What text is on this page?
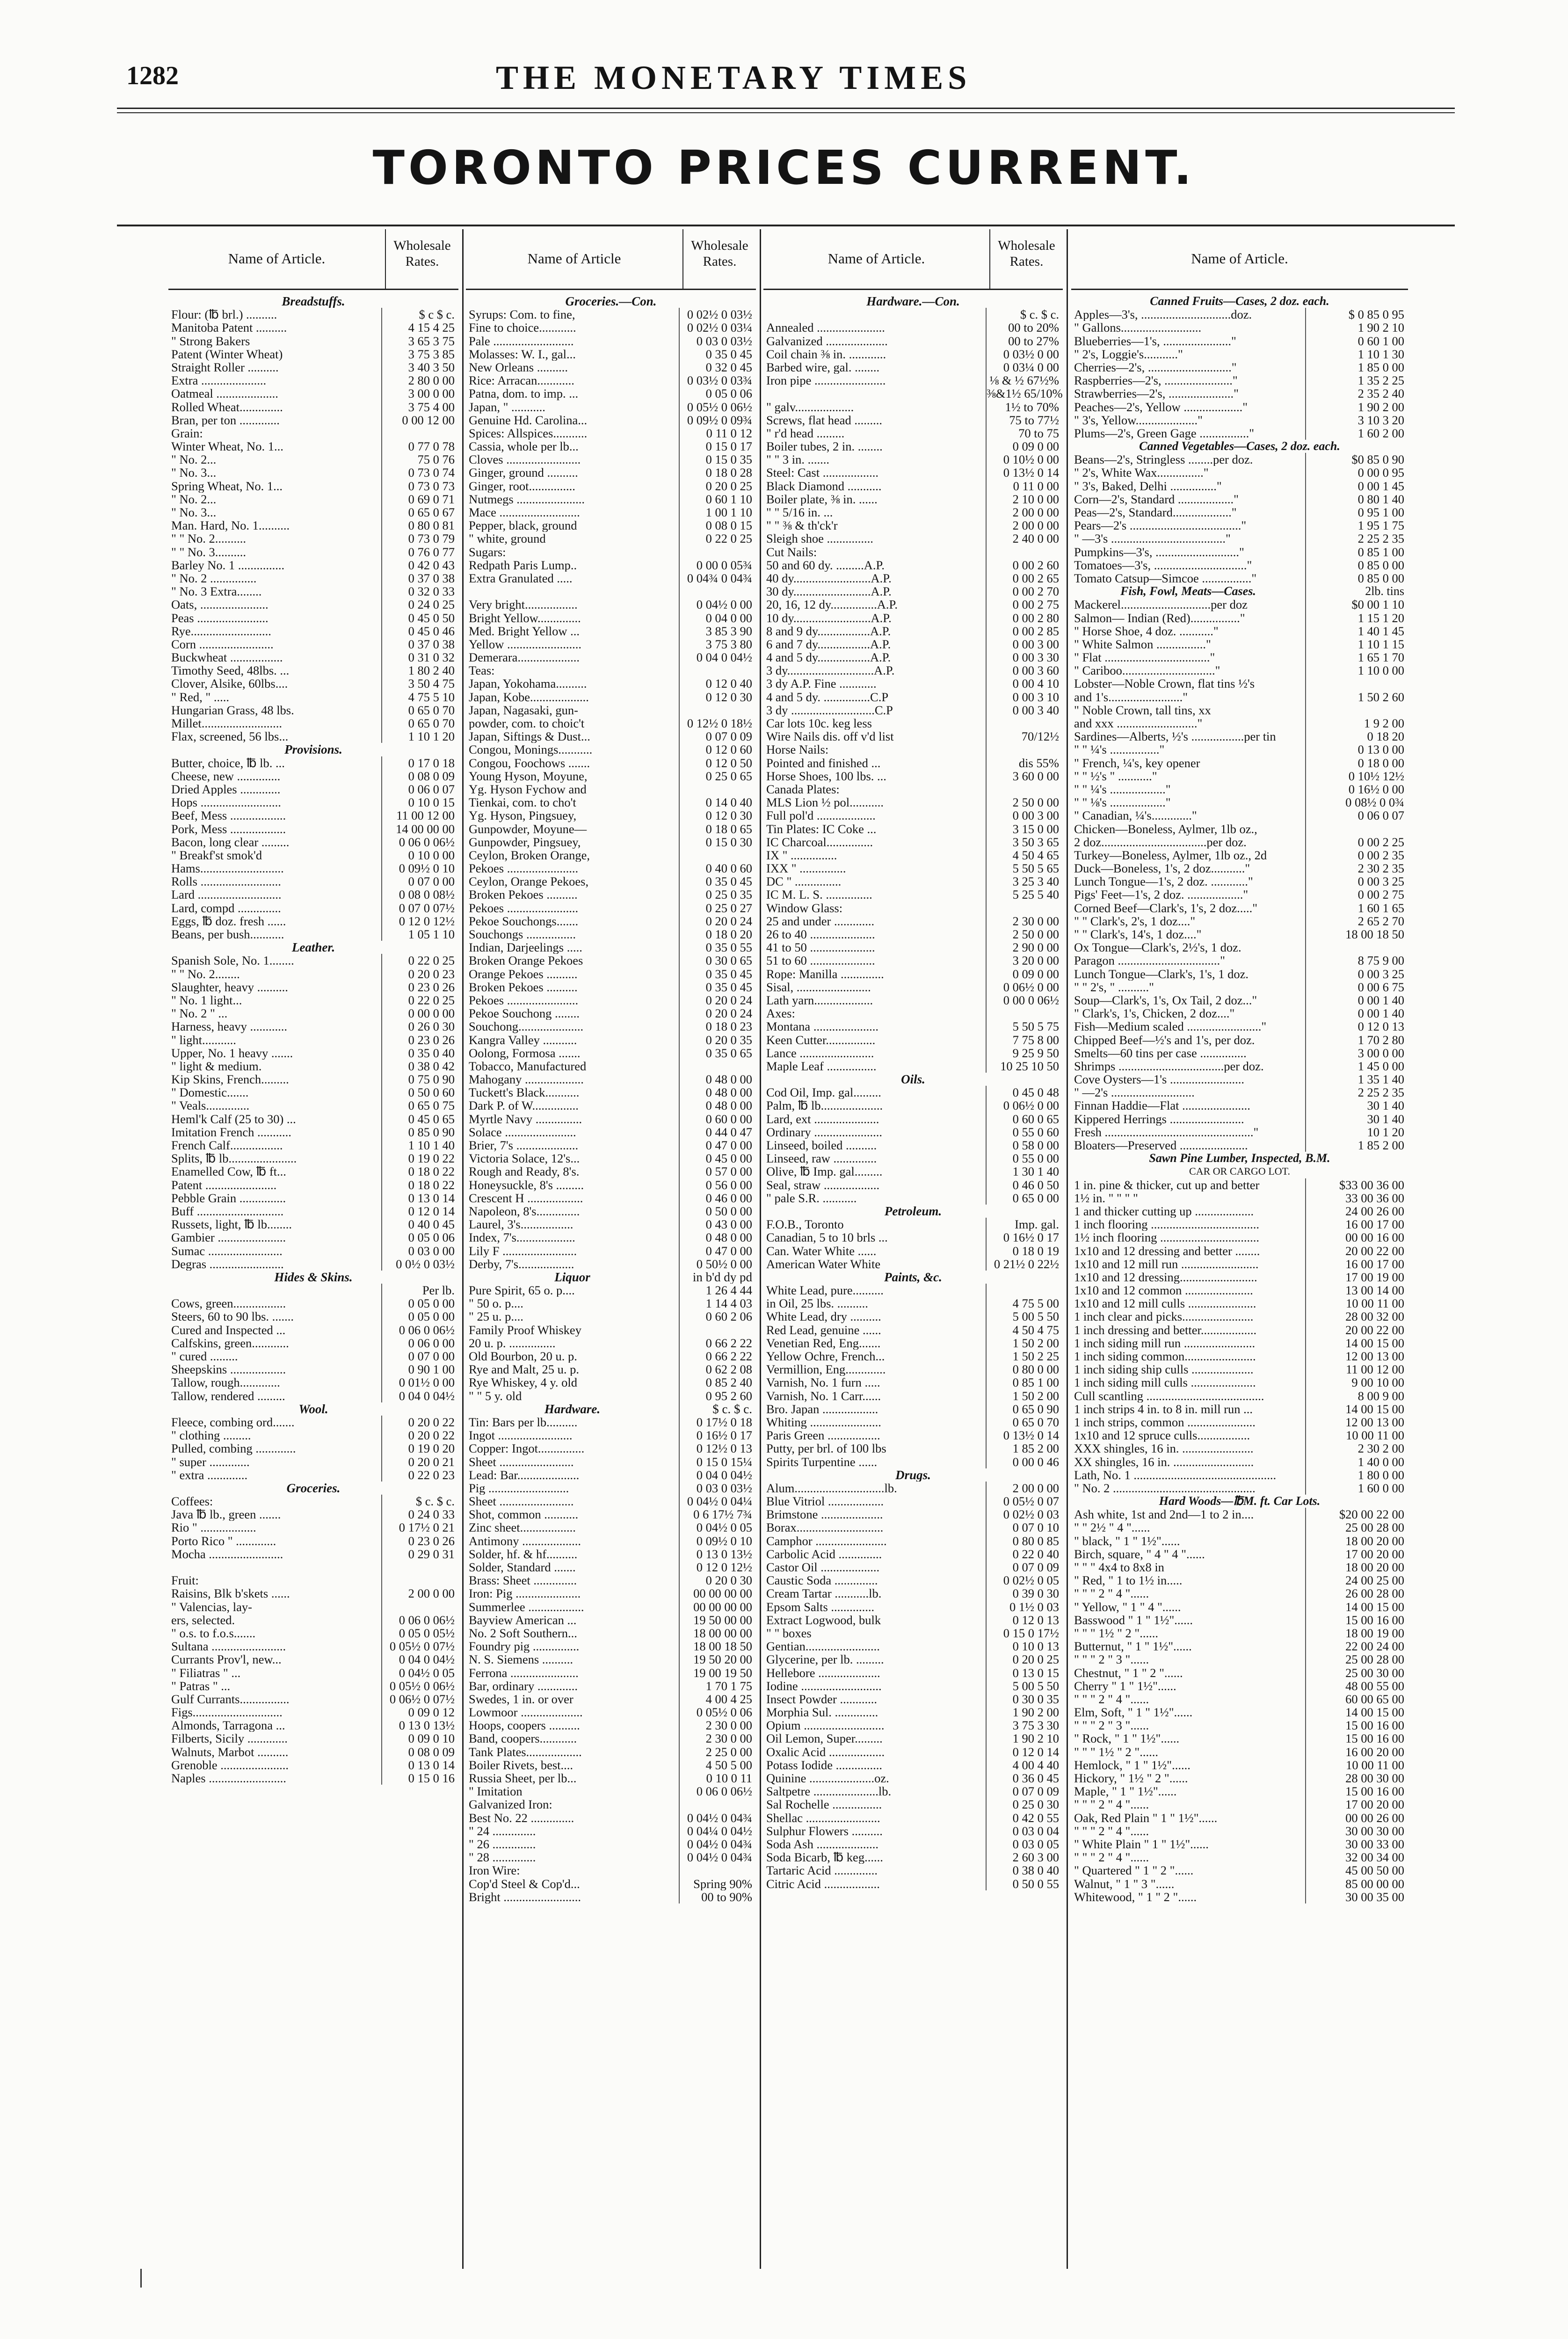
1282	THE MONETARY TIMES
TORONTO PRICES CURRENT.
Name of Article.
Wholesale Rates.
Breadstuffs.
Flour: (℔ brl.) ..........	$ c $ c.
Manitoba Patent ..........	4 15 4 25
" Strong Bakers	3 65 3 75
Patent (Winter Wheat)	3 75 3 85
Straight Roller ..........	3 40 3 50
Extra .....................	2 80 0 00
Oatmeal ....................	3 00 0 00
Rolled Wheat..............	3 75 4 00
Bran, per ton .............	0 00 12 00
Grain:
Winter Wheat, No. 1...	0 77 0 78
" No. 2...	75 0 76
" No. 3...	0 73 0 74
Spring Wheat, No. 1...	0 73 0 73
" No. 2...	0 69 0 71
" No. 3...	0 65 0 67
Man. Hard, No. 1..........	0 80 0 81
" " No. 2..........	0 73 0 79
" " No. 3..........	0 76 0 77
Barley No. 1 ...............	0 42 0 43
" No. 2 ...............	0 37 0 38
" No. 3 Extra........	0 32 0 33
Oats, ......................	0 24 0 25
Peas .......................	0 45 0 50
Rye..........................	0 45 0 46
Corn ........................	0 37 0 38
Buckwheat .................	0 31 0 32
Timothy Seed, 48lbs. ...	1 80 2 40
Clover, Alsike, 60lbs....	3 50 4 75
" Red, " .....	4 75 5 10
Hungarian Grass, 48 lbs.	0 65 0 70
Millet..........................	0 65 0 70
Flax, screened, 56 lbs...	1 10 1 20
Provisions.
Butter, choice, ℔ lb. ...	0 17 0 18
Cheese, new ..............	0 08 0 09
Dried Apples .............	0 06 0 07
Hops ..........................	0 10 0 15
Beef, Mess ..................	11 00 12 00
Pork, Mess ..................	14 00 00 00
Bacon, long clear .........	0 06 0 06½
" Breakf'st smok'd	0 10 0 00
Hams...........................	0 09½ 0 10
Rolls ..........................	0 07 0 00
Lard ...........................	0 08 0 08½
Lard, compd ..............	0 07 0 07½
Eggs, ℔ doz. fresh ......	0 12 0 12½
Beans, per bush...........	1 05 1 10
Leather.
Spanish Sole, No. 1........	0 22 0 25
" " No. 2........	0 20 0 23
Slaughter, heavy ..........	0 23 0 26
" No. 1 light...	0 22 0 25
" No. 2 " ...	0 00 0 00
Harness, heavy ............	0 26 0 30
" light...........	0 23 0 26
Upper, No. 1 heavy .......	0 35 0 40
" light & medium.	0 38 0 42
Kip Skins, French.........	0 75 0 90
" Domestic.......	0 50 0 60
" Veals..............	0 65 0 75
Heml'k Calf (25 to 30) ...	0 45 0 65
Imitation French ...........	0 85 0 90
French Calf.................	1 10 1 40
Splits, ℔ lb......................	0 19 0 22
Enamelled Cow, ℔ ft...	0 18 0 22
Patent .......................	0 18 0 22
Pebble Grain ...............	0 13 0 14
Buff ............................	0 12 0 14
Russets, light, ℔ lb........	0 40 0 45
Gambier ......................	0 05 0 06
Sumac ........................	0 03 0 00
Degras ........................	0 0½ 0 03½
Hides & Skins.
Per lb.
Cows, green.................	0 05 0 00
Steers, 60 to 90 lbs. .......	0 05 0 00
Cured and Inspected ...	0 06 0 06½
Calfskins, green............	0 06 0 00
" cured .........	0 07 0 00
Sheepskins ..................	0 90 1 00
Tallow, rough.............	0 01½ 0 00
Tallow, rendered .........	0 04 0 04½
Wool.
Fleece, combing ord.......	0 20 0 22
" clothing .........	0 20 0 22
Pulled, combing .............	0 19 0 20
" super .............	0 20 0 21
" extra .............	0 22 0 23
Groceries.
Coffees:	$ c. $ c.
Java ℔ lb., green .......	0 24 0 33
Rio " ..................	0 17½ 0 21
Porto Rico " .............	0 23 0 26
Mocha ........................	0 29 0 31
Fruit:
Raisins, Blk b'skets ......	2 00 0 00
" Valencias, lay-
ers, selected.	0 06 0 06½
" o.s. to f.o.s.......	0 05 0 05½
Sultana ........................	0 05½ 0 07½
Currants Prov'l, new...	0 04 0 04½
" Filiatras " ...	0 04½ 0 05
" Patras " ...	0 05½ 0 06½
Gulf Currants................	0 06½ 0 07½
Figs.............................	0 09 0 12
Almonds, Tarragona ...	0 13 0 13½
Filberts, Sicily .............	0 09 0 10
Walnuts, Marbot ..........	0 08 0 09
Grenoble ......................	0 13 0 14
Naples .........................	0 15 0 16
Name of Article
Wholesale Rates.
Groceries.—Con.
Syrups: Com. to fine,	0 02½ 0 03½
Fine to choice............	0 02½ 0 03¼
Pale ..........................	0 03 0 03½
Molasses: W. I., gal...	0 35 0 45
New Orleans ..........	0 32 0 45
Rice: Arracan............	0 03½ 0 03¾
Patna, dom. to imp. ...	0 05 0 06
Japan, " ...........	0 05½ 0 06½
Genuine Hd. Carolina...	0 09½ 0 09¾
Spices: Allspices...........	0 11 0 12
Cassia, whole per lb...	0 15 0 17
Cloves ........................	0 15 0 35
Ginger, ground ..........	0 18 0 28
Ginger, root...............	0 20 0 25
Nutmegs ......................	0 60 1 10
Mace ..........................	1 00 1 10
Pepper, black, ground	0 08 0 15
" white, ground	0 22 0 25
Sugars:
Redpath Paris Lump..	0 00 0 05¾
Extra Granulated .....	0 04¾ 0 04¾
Very bright.................	0 04½ 0 00
Bright Yellow..............	0 04 0 00
Med. Bright Yellow ...	3 85 3 90
Yellow ........................	3 75 3 80
Demerara....................	0 04 0 04½
Teas:
Japan, Yokohama..........	0 12 0 40
Japan, Kobe...................	0 12 0 30
Japan, Nagasaki, gun-
powder, com. to choic't	0 12½ 0 18½
Japan, Siftings & Dust...	0 07 0 09
Congou, Monings...........	0 12 0 60
Congou, Foochows .......	0 12 0 50
Young Hyson, Moyune,	0 25 0 65
Yg. Hyson Fychow and
Tienkai, com. to cho't	0 14 0 40
Yg. Hyson, Pingsuey,	0 12 0 30
Gunpowder, Moyune—	0 18 0 65
Gunpowder, Pingsuey,	0 15 0 30
Ceylon, Broken Orange,
Pekoes .......................	0 40 0 60
Ceylon, Orange Pekoes,	0 35 0 45
Broken Pekoes ..........	0 25 0 35
Pekoes .......................	0 25 0 27
Pekoe Souchongs.......	0 20 0 24
Souchongs ................	0 18 0 20
Indian, Darjeelings .....	0 35 0 55
Broken Orange Pekoes	0 30 0 65
Orange Pekoes ..........	0 35 0 45
Broken Pekoes ..........	0 35 0 45
Pekoes .......................	0 20 0 24
Pekoe Souchong ........	0 20 0 24
Souchong.....................	0 18 0 23
Kangra Valley ...........	0 20 0 35
Oolong, Formosa .......	0 35 0 65
Tobacco, Manufactured
Mahogany ...................	0 48 0 00
Tuckett's Black...........	0 48 0 00
Dark P. of W...............	0 48 0 00
Myrtle Navy ...............	0 60 0 00
Solace .......................	0 44 0 47
Brier, 7's ....................	0 47 0 00
Victoria Solace, 12's...	0 45 0 00
Rough and Ready, 8's.	0 57 0 00
Honeysuckle, 8's .........	0 56 0 00
Crescent H ..................	0 46 0 00
Napoleon, 8's..............	0 50 0 00
Laurel, 3's.................	0 43 0 00
Index, 7's...................	0 48 0 00
Lily F ........................	0 47 0 00
Derby, 7's..................	0 50½ 0 00
Liquor	in b'd dy pd
Pure Spirit, 65 o. p....	1 26 4 44
" 50 o. p....	1 14 4 03
" 25 u. p....	0 60 2 06
Family Proof Whiskey
20 u. p. ...............	0 66 2 22
Old Bourbon, 20 u. p.	0 66 2 22
Rye and Malt, 25 u. p.	0 62 2 08
Rye Whiskey, 4 y. old	0 85 2 40
" " 5 y. old	0 95 2 60
Hardware.	$ c. $ c.
Tin: Bars per lb..........	0 17½ 0 18
Ingot ........................	0 16½ 0 17
Copper: Ingot...............	0 12½ 0 13
Sheet ........................	0 15 0 15¼
Lead: Bar....................	0 04 0 04½
Pig ..........................	0 03 0 03½
Sheet ........................	0 04½ 0 04¼
Shot, common ...........	0 6 17½ 7¾
Zinc sheet..................	0 04½ 0 05
Antimony ...................	0 09½ 0 10
Solder, hf. & hf..........	0 13 0 13½
Solder, Standard .......	0 12 0 12½
Brass: Sheet ..............	0 20 0 30
Iron: Pig .....................	00 00 00 00
Summerlee ..................	00 00 00 00
Bayview American ...	19 50 00 00
No. 2 Soft Southern...	18 00 00 00
Foundry pig ...............	18 00 18 50
N. S. Siemens ..........	19 50 20 00
Ferrona ......................	19 00 19 50
Bar, ordinary .............	1 70 1 75
Swedes, 1 in. or over	4 00 4 25
Lowmoor ....................	0 05½ 0 06
Hoops, coopers ..........	2 30 0 00
Band, coopers............	2 30 0 00
Tank Plates..................	2 25 0 00
Boiler Rivets, best....	4 50 5 00
Russia Sheet, per lb...	0 10 0 11
" Imitation	0 06 0 06½
Galvanized Iron:
Best No. 22 ..............	0 04½ 0 04¾
" 24 ..............	0 04¼ 0 04½
" 26 ..............	0 04½ 0 04¾
" 28 ..............	0 04½ 0 04¾
Iron Wire:
Cop'd Steel & Cop'd...	Spring 90%
Bright .........................	00 to 90%
Name of Article.
Wholesale Rates.
Hardware.—Con.
$ c. $ c.
Annealed ......................	00 to 20%
Galvanized ....................	00 to 27%
Coil chain ⅜ in. ............	0 03½ 0 00
Barbed wire, gal. ........	0 03¼ 0 00
Iron pipe .......................	⅛ & ½ 67½%
⅜&1½ 65/10%
" galv...................	1½ to 70%
Screws, flat head .........	75 to 77½
" r'd head .........	70 to 75
Boiler tubes, 2 in. ........	0 09 0 00
" " 3 in. .......	0 10½ 0 00
Steel: Cast ..................	0 13½ 0 14
Black Diamond ...........	0 11 0 00
Boiler plate, ⅜ in. ......	2 10 0 00
" " 5/16 in. ...	2 00 0 00
" " ⅜ & th'ck'r	2 00 0 00
Sleigh shoe ...............	2 40 0 00
Cut Nails:
50 and 60 dy. .........A.P.	0 00 2 60
40 dy.........................A.P.	0 00 2 65
30 dy.........................A.P.	0 00 2 70
20, 16, 12 dy...............A.P.	0 00 2 75
10 dy.........................A.P.	0 00 2 80
8 and 9 dy.................A.P.	0 00 2 85
6 and 7 dy.................A.P.	0 00 3 00
4 and 5 dy.................A.P.	0 00 3 30
3 dy............................A.P.	0 00 3 60
3 dy A.P. Fine ............	0 00 4 10
4 and 5 dy. ...............C.P	0 00 3 10
3 dy ...........................C.P	0 00 3 40
Car lots 10c. keg less
Wire Nails dis. off v'd list	70/12½
Horse Nails:
Pointed and finished ...	dis 55%
Horse Shoes, 100 lbs. ...	3 60 0 00
Canada Plates:
MLS Lion ½ pol...........	2 50 0 00
Full pol'd ...................	0 00 3 00
Tin Plates: IC Coke ...	3 15 0 00
IC Charcoal...............	3 50 3 65
IX " ...............	4 50 4 65
IXX " ...............	5 50 5 65
DC " ...............	3 25 3 40
IC M. L. S. ...............	5 25 5 40
Window Glass:
25 and under .............	2 30 0 00
26 to 40 .....................	2 50 0 00
41 to 50 .....................	2 90 0 00
51 to 60 .....................	3 20 0 00
Rope: Manilla ..............	0 09 0 00
Sisal, ........................	0 06½ 0 00
Lath yarn...................	0 00 0 06½
Axes:
Montana .....................	5 50 5 75
Keen Cutter................	7 75 8 00
Lance ........................	9 25 9 50
Maple Leaf ................	10 25 10 50
Oils.
Cod Oil, Imp. gal.........	0 45 0 48
Palm, ℔ lb....................	0 06½ 0 00
Lard, ext .....................	0 60 0 65
Ordinary ......................	0 55 0 60
Linseed, boiled ..........	0 58 0 00
Linseed, raw ..............	0 55 0 00
Olive, ℔ Imp. gal.........	1 30 1 40
Seal, straw ..................	0 46 0 50
" pale S.R. ...........	0 65 0 00
Petroleum.
F.O.B., Toronto	Imp. gal.
Canadian, 5 to 10 brls ...	0 16½ 0 17
Can. Water White ......	0 18 0 19
American Water White	0 21½ 0 22½
Paints, &c.
White Lead, pure..........
in Oil, 25 lbs. ..........	4 75 5 00
White Lead, dry ..........	5 00 5 50
Red Lead, genuine ......	4 50 4 75
Venetian Red, Eng.......	1 50 2 00
Yellow Ochre, French...	1 50 2 25
Vermillion, Eng.............	0 80 0 00
Varnish, No. 1 furn .....	0 85 1 00
Varnish, No. 1 Carr......	1 50 2 00
Bro. Japan ..................	0 65 0 90
Whiting .......................	0 65 0 70
Paris Green .................	0 13½ 0 14
Putty, per brl. of 100 lbs	1 85 2 00
Spirits Turpentine ......	0 00 0 46
Drugs.
Alum.............................lb.	2 00 0 00
Blue Vitriol ..................	0 05½ 0 07
Brimstone ....................	0 02½ 0 03
Borax............................	0 07 0 10
Camphor .......................	0 80 0 85
Carbolic Acid ..............	0 22 0 40
Castor Oil ...................	0 07 0 09
Caustic Soda ..............	0 02½ 0 05
Cream Tartar ...........lb.	0 39 0 30
Epsom Salts ..............	0 1½ 0 03
Extract Logwood, bulk	0 12 0 13
" " boxes	0 15 0 17½
Gentian........................	0 10 0 13
Glycerine, per lb. .........	0 20 0 25
Hellebore ....................	0 13 0 15
Iodine ..........................	5 00 5 50
Insect Powder ............	0 30 0 35
Morphia Sul. ..............	1 90 2 00
Opium ..........................	3 75 3 30
Oil Lemon, Super.........	1 90 2 10
Oxalic Acid ..................	0 12 0 14
Potass Iodide ...............	4 00 4 40
Quinine .....................oz.	0 36 0 45
Saltpetre .....................lb.	0 07 0 09
Sal Rochelle ................	0 25 0 30
Shellac ........................	0 42 0 55
Sulphur Flowers ..........	0 03 0 04
Soda Ash ....................	0 03 0 05
Soda Bicarb, ℔ keg......	2 60 3 00
Tartaric Acid ..............	0 38 0 40
Citric Acid ..................	0 50 0 55
Name of Article.
Canned Fruits—Cases, 2 doz. each.
Apples—3's, .............................doz.	$ 0 85 0 95
" Gallons..........................	1 90 2 10
Blueberries—1's, ......................"	0 60 1 00
" 2's, Loggie's..........."	1 10 1 30
Cherries—2's, ..........................."	1 85 0 00
Raspberries—2's, ......................"	1 35 2 25
Strawberries—2's, ....................."	2 35 2 40
Peaches—2's, Yellow ..................."	1 90 2 00
" 3's, Yellow...................."	3 10 3 20
Plums—2's, Green Gage ................"	1 60 2 00
Canned Vegetables—Cases, 2 doz. each.
Beans—2's, Stringless ........per doz.	$0 85 0 90
" 2's, White Wax..............."	0 00 0 95
" 3's, Baked, Delhi ..............."	0 00 1 45
Corn—2's, Standard .................."	0 80 1 40
Peas—2's, Standard..................."	0 95 1 00
Pears—2's ...................................."	1 95 1 75
" —3's ....................................."	2 25 2 35
Pumpkins—3's, ..........................."	0 85 1 00
Tomatoes—3's, .............................."	0 85 0 00
Tomato Catsup—Simcoe ................"	0 85 0 00
Fish, Fowl, Meats—Cases.	2lb. tins
Mackerel.............................per doz	$0 00 1 10
Salmon— Indian (Red)................"	1 15 1 20
" Horse Shoe, 4 doz. ..........."	1 40 1 45
" White Salmon ................"	1 10 1 15
" Flat .................................."	1 65 1 70
" Cariboo.............................."	1 10 0 00
Lobster—Noble Crown, flat tins ½'s
and 1's........................"	1 50 2 60
" Noble Crown, tall tins, xx
and xxx .........................."	1 9 2 00
Sardines—Alberts, ½'s .................per tin	0 18 20
" " ¼'s ................"	0 13 0 00
" French, ¼'s, key opener	0 18 0 00
" " ½'s " ..........."	0 10½ 12½
" " ¼'s .................."	0 16½ 0 00
" " ⅛'s .................."	0 08½ 0 0¾
" Canadian, ¼'s............."	0 06 0 07
Chicken—Boneless, Aylmer, 1lb oz.,
2 doz..................................per doz.	0 00 2 25
Turkey—Boneless, Aylmer, 1lb oz., 2d	0 00 2 35
Duck—Boneless, 1's, 2 doz..........."	2 30 2 35
Lunch Tongue—1's, 2 doz. ............"	0 00 3 25
Pigs' Feet—1's, 2 doz. .................."	0 00 2 75
Corned Beef—Clark's, 1's, 2 doz....."	1 60 1 65
" " Clark's, 2's, 1 doz...."	2 65 2 70
" " Clark's, 14's, 1 doz...."	18 00 18 50
Ox Tongue—Clark's, 2½'s, 1 doz.
Paragon ................................."	8 75 9 00
Lunch Tongue—Clark's, 1's, 1 doz.	0 00 3 25
" " 2's, " .........."	0 00 6 75
Soup—Clark's, 1's, Ox Tail, 2 doz..."	0 00 1 40
" Clark's, 1's, Chicken, 2 doz...."	0 00 1 40
Fish—Medium scaled ........................"	0 12 0 13
Chipped Beef—½'s and 1's, per doz.	1 70 2 80
Smelts—60 tins per case ...............	3 00 0 00
Shrimps ..................................per doz.	1 45 0 00
Cove Oysters—1's ........................	1 35 1 40
" —2's ...........................	2 25 2 35
Finnan Haddie—Flat ......................	30 1 40
Kippered Herrings ........................	30 1 40
Fresh ................................................"	10 1 20
Bloaters—Preserved ......................	1 85 2 00
Sawn Pine Lumber, Inspected, B.M.
CAR OR CARGO LOT.
1 in. pine & thicker, cut up and better	$33 00 36 00
1½ in. " " " "	33 00 36 00
1 and thicker cutting up ...................	24 00 26 00
1 inch flooring ...................................	16 00 17 00
1½ inch flooring ................................	00 00 16 00
1x10 and 12 dressing and better ........	20 00 22 00
1x10 and 12 mill run .........................	16 00 17 00
1x10 and 12 dressing.........................	17 00 19 00
1x10 and 12 common ......................	13 00 14 00
1x10 and 12 mill culls ......................	10 00 11 00
1 inch clear and picks.......................	28 00 32 00
1 inch dressing and better..................	20 00 22 00
1 inch siding mill run .......................	14 00 15 00
1 inch siding common.......................	12 00 13 00
1 inch siding ship culls ....................	11 00 12 00
1 inch siding mill culls .....................	9 00 10 00
Cull scantling ......................................	8 00 9 00
1 inch strips 4 in. to 8 in. mill run ...	14 00 15 00
1 inch strips, common ......................	12 00 13 00
1x10 and 12 spruce culls.................	10 00 11 00
XXX shingles, 16 in. .......................	2 30 2 00
XX shingles, 16 in. ..........................	1 40 0 00
Lath, No. 1 ..............................................	1 80 0 00
" No. 2 ..............................................	1 60 0 00
Hard Woods—℔M. ft. Car Lots.
Ash white, 1st and 2nd—1 to 2 in....	$20 00 22 00
" " 2½ " 4 "......	25 00 28 00
" black, " 1 " 1½"......	18 00 20 00
Birch, square, " 4 " 4 "......	17 00 20 00
" " " 4x4 to 8x8 in	18 00 20 00
" Red, " 1 to 1½ in.....	24 00 25 00
" " " 2 " 4 "......	26 00 28 00
" Yellow, " 1 " 4 "......	14 00 15 00
Basswood " 1 " 1½"......	15 00 16 00
" " " 1½ " 2 "......	18 00 19 00
Butternut, " 1 " 1½"......	22 00 24 00
" " " 2 " 3 "......	25 00 28 00
Chestnut, " 1 " 2 "......	25 00 30 00
Cherry " 1 " 1½"......	48 00 55 00
" " " 2 " 4 "......	60 00 65 00
Elm, Soft, " 1 " 1½"......	14 00 15 00
" " " 2 " 3 "......	15 00 16 00
" Rock, " 1 " 1½"......	15 00 16 00
" " " 1½ " 2 "......	16 00 20 00
Hemlock, " 1 " 1½"......	10 00 11 00
Hickory, " 1½ " 2 "......	28 00 30 00
Maple, " 1 " 1½"......	15 00 16 00
" " " 2 " 4 "......	17 00 20 00
Oak, Red Plain " 1 " 1½"......	00 00 26 00
" " " 2 " 4 "......	30 00 30 00
" White Plain " 1 " 1½"......	30 00 33 00
" " " 2 " 4 "......	32 00 34 00
" Quartered " 1 " 2 "......	45 00 50 00
Walnut, " 1 " 3 "......	85 00 00 00
Whitewood, " 1 " 2 "......	30 00 35 00
